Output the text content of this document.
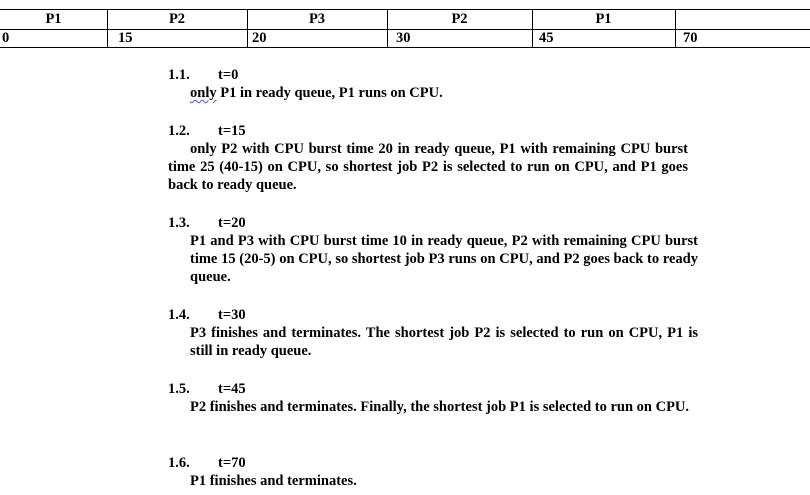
P1	P2	P3	P2	P1
0	15	20	30	45	70
1.1. t=0
only P1 in ready queue, P1 runs on CPU.
1.2. t=15
only P2 with CPU burst time 20 in ready queue, P1 with remaining CPU burst time 25 (40-15) on CPU, so shortest job P2 is selected to run on CPU, and P1 goes back to ready queue.
1.3. t=20
P1 and P3 with CPU burst time 10 in ready queue, P2 with remaining CPU burst time 15 (20-5) on CPU, so shortest job P3 runs on CPU, and P2 goes back to ready queue.
1.4. t=30
P3 finishes and terminates. The shortest job P2 is selected to run on CPU, P1 is still in ready queue.
1.5. t=45
P2 finishes and terminates. Finally, the shortest job P1 is selected to run on CPU.
1.6. t=70
P1 finishes and terminates.
